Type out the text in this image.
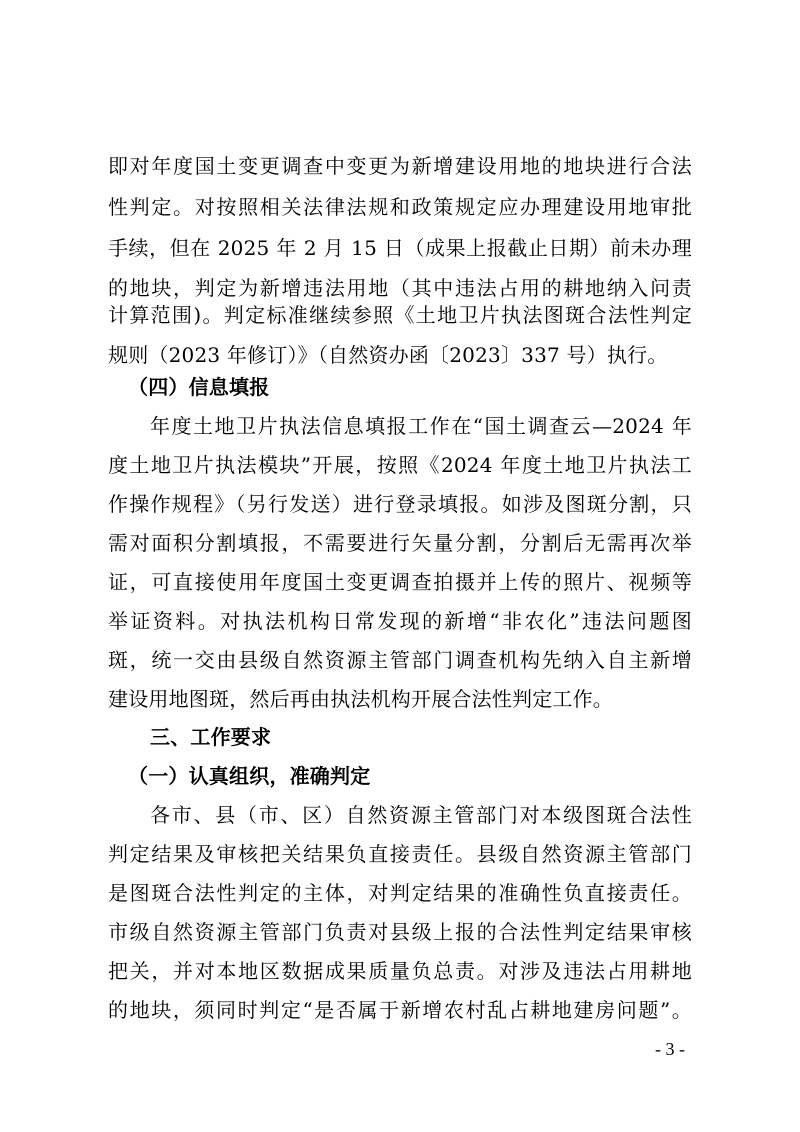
即对年度国土变更调查中变更为新增建设用地的地块进行合法
性判定。对按照相关法律法规和政策规定应办理建设用地审批
手续，但在 2025 年 2 月 15 日（成果上报截止日期）前未办理
的地块，判定为新增违法用地（其中违法占用的耕地纳入问责
计算范围)。判定标准继续参照《土地卫片执法图斑合法性判定
规则（2023 年修订）》（自然资办函〔2023〕337 号）执行。
（四）信息填报
年度土地卫片执法信息填报工作在“国土调查云—2024 年
度土地卫片执法模块”开展，按照《2024 年度土地卫片执法工
作操作规程》（另行发送）进行登录填报。如涉及图斑分割，只
需对面积分割填报，不需要进行矢量分割，分割后无需再次举
证，可直接使用年度国土变更调查拍摄并上传的照片、视频等
举证资料。对执法机构日常发现的新增“非农化”违法问题图
斑，统一交由县级自然资源主管部门调查机构先纳入自主新增
建设用地图斑，然后再由执法机构开展合法性判定工作。
三、工作要求
（一）认真组织，准确判定
各市、县（市、区）自然资源主管部门对本级图斑合法性
判定结果及审核把关结果负直接责任。县级自然资源主管部门
是图斑合法性判定的主体，对判定结果的准确性负直接责任。
市级自然资源主管部门负责对县级上报的合法性判定结果审核
把关，并对本地区数据成果质量负总责。对涉及违法占用耕地
的地块，须同时判定“是否属于新增农村乱占耕地建房问题”。
- 3 -
